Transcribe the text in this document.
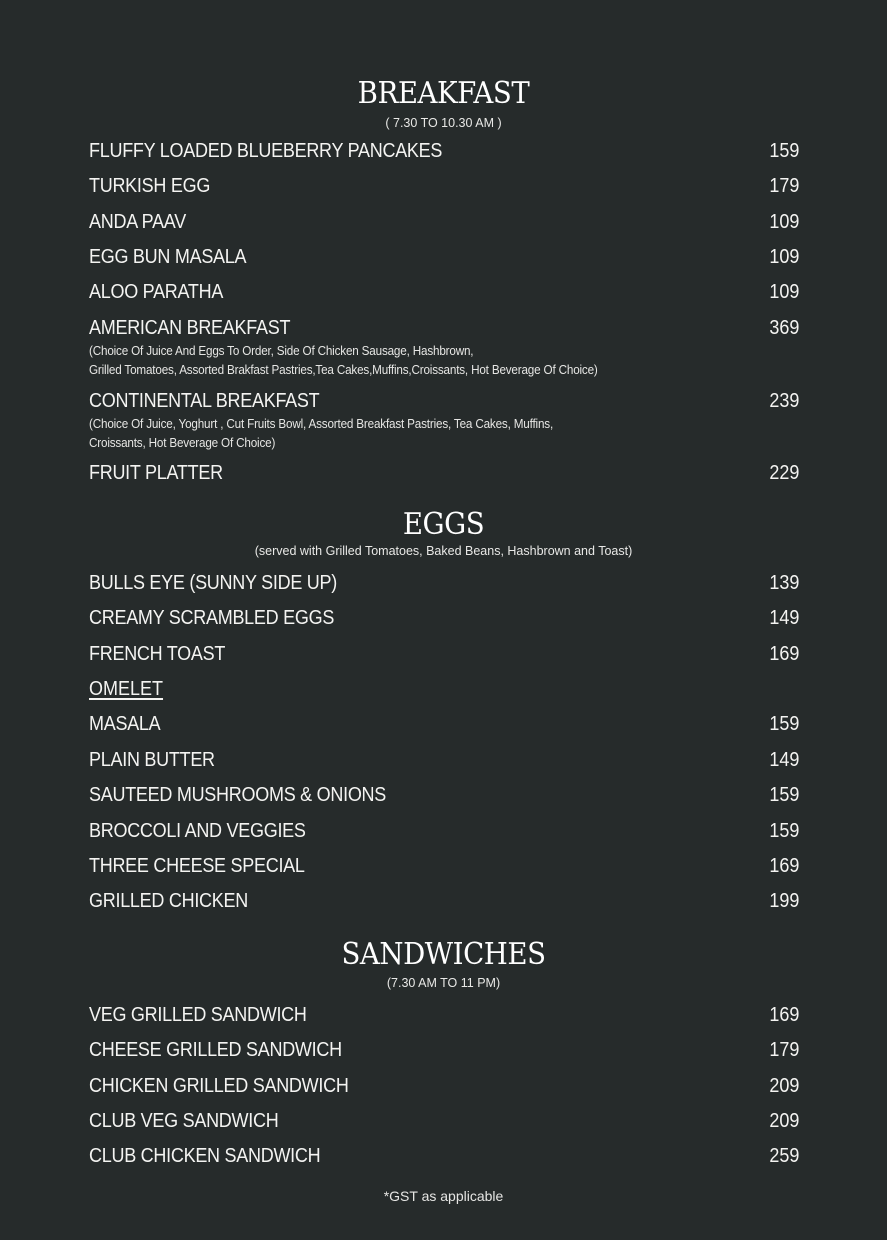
BREAKFAST
( 7.30 TO 10.30 AM )
FLUFFY LOADED BLUEBERRY PANCAKES	159
TURKISH EGG	179
ANDA PAAV	109
EGG BUN MASALA	109
ALOO PARATHA	109
AMERICAN BREAKFAST	369
(Choice Of Juice And Eggs To Order, Side Of Chicken Sausage, Hashbrown,
Grilled Tomatoes, Assorted Brakfast Pastries,Tea Cakes,Muffins,Croissants, Hot Beverage Of Choice)
CONTINENTAL BREAKFAST	239
(Choice Of Juice, Yoghurt , Cut Fruits Bowl, Assorted Breakfast Pastries, Tea Cakes, Muffins,
Croissants, Hot Beverage Of Choice)
FRUIT PLATTER	229
EGGS
(served with Grilled Tomatoes, Baked Beans, Hashbrown and Toast)
BULLS EYE (SUNNY SIDE UP)	139
CREAMY SCRAMBLED EGGS	149
FRENCH TOAST	169
OMELET
MASALA	159
PLAIN BUTTER	149
SAUTEED MUSHROOMS & ONIONS	159
BROCCOLI AND VEGGIES	159
THREE CHEESE SPECIAL	169
GRILLED CHICKEN	199
SANDWICHES
(7.30 AM TO 11 PM)
VEG GRILLED SANDWICH	169
CHEESE GRILLED SANDWICH	179
CHICKEN GRILLED SANDWICH	209
CLUB VEG SANDWICH	209
CLUB CHICKEN SANDWICH	259
*GST as applicable
